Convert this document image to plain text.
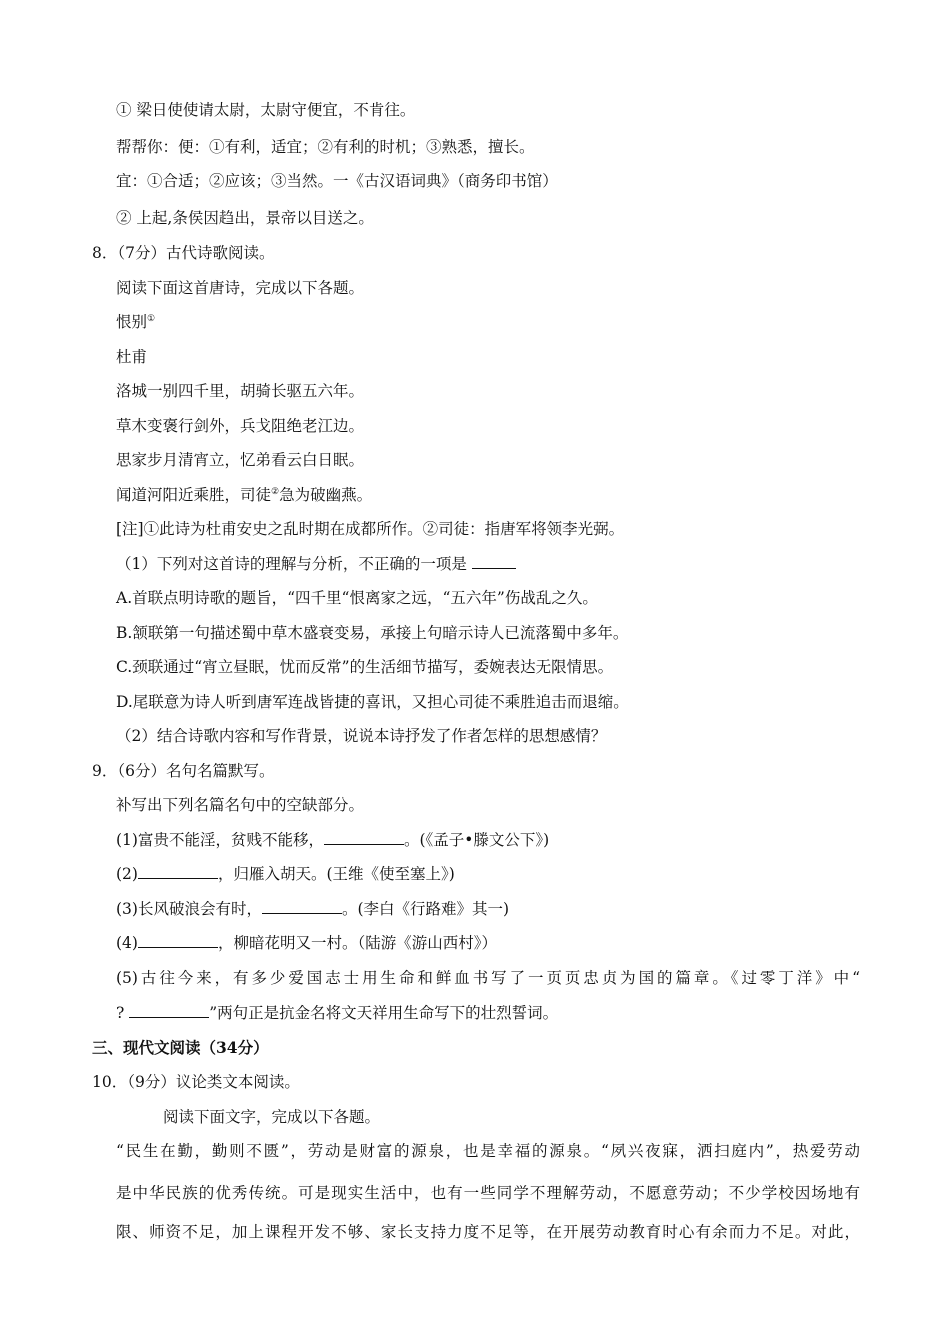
① 梁日使使请太尉，太尉守便宜，不肯往。
帮帮你：便：①有利，适宜；②有利的时机；③熟悉，擅长。
宜：①合适；②应该；③当然。一《古汉语词典》（商务印书馆）
② 上起,条侯因趋出，景帝以目送之。
8．（7分）古代诗歌阅读。
阅读下面这首唐诗，完成以下各题。
恨别①
杜甫
洛城一别四千里，胡骑长驱五六年。
草木变褒行剑外，兵戈阻绝老江边。
思家步月清宵立，忆弟看云白日眠。
闻道河阳近乘胜，司徒②急为破幽燕。
[注]①此诗为杜甫安史之乱时期在成都所作。②司徒：指唐军将领李光弼。
（1）下列对这首诗的理解与分析，不正确的一项是
A.首联点明诗歌的题旨，“四千里“恨离家之远，“五六年”伤战乱之久。
B.颔联第一句描述蜀中草木盛衰变易，承接上句暗示诗人已流落蜀中多年。
C.颈联通过“宵立昼眠，忧而反常”的生活细节描写，委婉表达无限情思。
D.尾联意为诗人听到唐军连战皆捷的喜讯，又担心司徒不乘胜追击而退缩。
（2）结合诗歌内容和写作背景，说说本诗抒发了作者怎样的思想感情？
9．（6分）名句名篇默写。
补写出下列名篇名句中的空缺部分。
(1)富贵不能淫，贫贱不能移，	。(《孟子•滕文公下》)
(2)	，归雁入胡天。(王维《使至塞上》)
(3)长风破浪会有时，	。(李白《行路难》其一)
(4)	，柳暗花明又一村。（陆游《游山西村》）
(5)古往今来，有多少爱国志士用生命和鲜血书写了一页页忠贞为国的篇章。《过零丁洋》中“
?	”两句正是抗金名将文天祥用生命写下的壮烈誓词。
三、现代文阅读（34分）
10．（9分）议论类文本阅读。
阅读下面文字，完成以下各题。
“民生在勤，勤则不匮”，劳动是财富的源泉，也是幸福的源泉。“夙兴夜寐，洒扫庭内”，热爱劳动
是中华民族的优秀传统。可是现实生活中，也有一些同学不理解劳动，不愿意劳动；不少学校因场地有
限、师资不足，加上课程开发不够、家长支持力度不足等，在开展劳动教育时心有余而力不足。对此，
